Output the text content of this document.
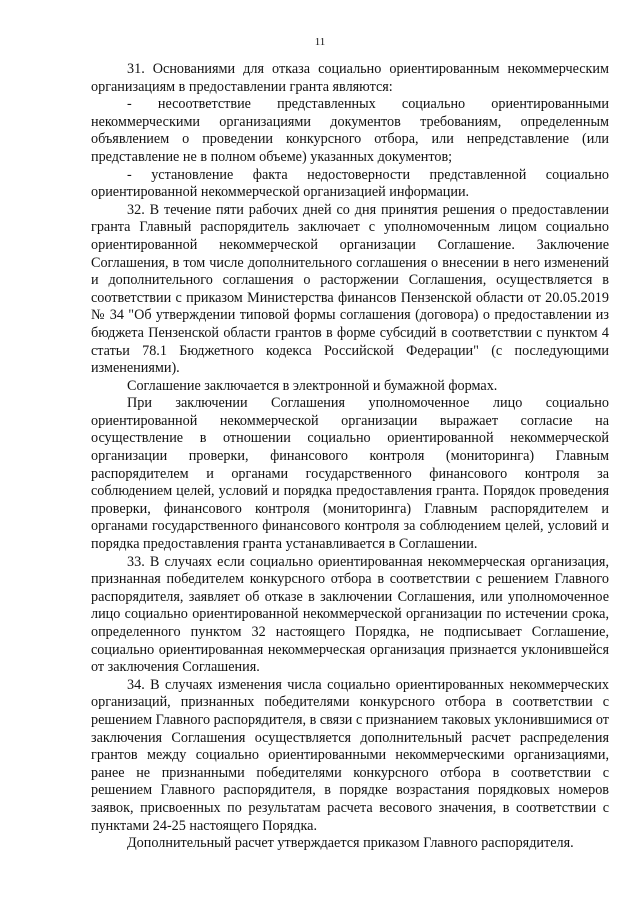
11

31. Основаниями для отказа социально ориентированным некоммерческим организациям в предоставлении гранта являются:

- несоответствие представленных социально ориентированными некоммерческими организациями документов требованиям, определенным объявлением о проведении конкурсного отбора, или непредставление (или представление не в полном объеме) указанных документов;

- установление факта недостоверности представленной социально ориентированной некоммерческой организацией информации.

32. В течение пяти рабочих дней со дня принятия решения о предоставлении гранта Главный распорядитель заключает с уполномоченным лицом социально ориентированной некоммерческой организации Соглашение. Заключение Соглашения, в том числе дополнительного соглашения о внесении в него изменений и дополнительного соглашения о расторжении Соглашения, осуществляется в соответствии с приказом Министерства финансов Пензенской области от 20.05.2019 № 34 "Об утверждении типовой формы соглашения (договора) о предоставлении из бюджета Пензенской области грантов в форме субсидий в соответствии с пунктом 4 статьи 78.1 Бюджетного кодекса Российской Федерации" (с последующими изменениями).

Соглашение заключается в электронной и бумажной формах.

При заключении Соглашения уполномоченное лицо социально ориентированной некоммерческой организации выражает согласие на осуществление в отношении социально ориентированной некоммерческой организации проверки, финансового контроля (мониторинга) Главным распорядителем и органами государственного финансового контроля за соблюдением целей, условий и порядка предоставления гранта. Порядок проведения проверки, финансового контроля (мониторинга) Главным распорядителем и органами государственного финансового контроля за соблюдением целей, условий и порядка предоставления гранта устанавливается в Соглашении.

33. В случаях если социально ориентированная некоммерческая организация, признанная победителем конкурсного отбора в соответствии с решением Главного распорядителя, заявляет об отказе в заключении Соглашения, или уполномоченное лицо социально ориентированной некоммерческой организации по истечении срока, определенного пунктом 32 настоящего Порядка, не подписывает Соглашение, социально ориентированная некоммерческая организация признается уклонившейся от заключения Соглашения.

34. В случаях изменения числа социально ориентированных некоммерческих организаций, признанных победителями конкурсного отбора в соответствии с решением Главного распорядителя, в связи с признанием таковых уклонившимися от заключения Соглашения осуществляется дополнительный расчет распределения грантов между социально ориентированными некоммерческими организациями, ранее не признанными победителями конкурсного отбора в соответствии с решением Главного распорядителя, в порядке возрастания порядковых номеров заявок, присвоенных по результатам расчета весового значения, в соответствии с пунктами 24-25 настоящего Порядка.

Дополнительный расчет утверждается приказом Главного распорядителя.
